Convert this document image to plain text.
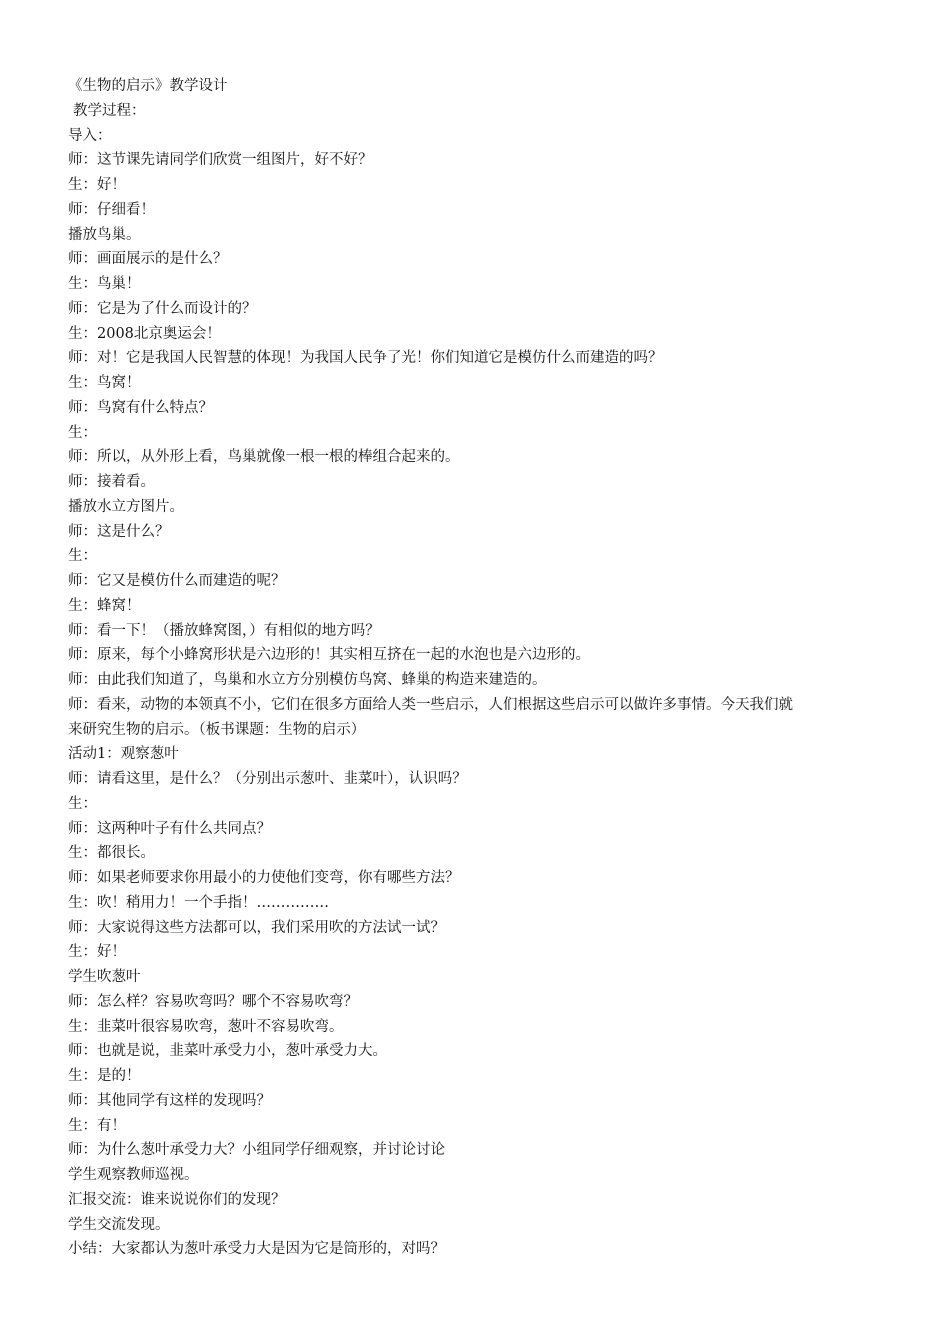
《生物的启示》教学设计
教学过程：
导入：
师：这节课先请同学们欣赏一组图片，好不好？
生：好！
师：仔细看！
播放鸟巢。
师：画面展示的是什么？
生：鸟巢！
师：它是为了什么而设计的？
生：2008北京奥运会！
师：对！它是我国人民智慧的体现！为我国人民争了光！你们知道它是模仿什么而建造的吗？
生：鸟窝！
师：鸟窝有什么特点？
生：
师：所以，从外形上看，鸟巢就像一根一根的棒组合起来的。
师：接着看。
播放水立方图片。
师：这是什么？
生：
师：它又是模仿什么而建造的呢？
生：蜂窝！
师：看一下！（播放蜂窝图，）有相似的地方吗？
师：原来，每个小蜂窝形状是六边形的！其实相互挤在一起的水泡也是六边形的。
师：由此我们知道了，鸟巢和水立方分别模仿鸟窝、蜂巢的构造来建造的。
师：看来，动物的本领真不小，它们在很多方面给人类一些启示，人们根据这些启示可以做许多事情。今天我们就
来研究生物的启示。（板书课题：生物的启示）
活动1：观察葱叶
师：请看这里，是什么？（分别出示葱叶、韭菜叶），认识吗？
生：
师：这两种叶子有什么共同点？
生：都很长。
师：如果老师要求你用最小的力使他们变弯，你有哪些方法？
生：吹！稍用力！一个手指！……………
师：大家说得这些方法都可以，我们采用吹的方法试一试？
生：好！
学生吹葱叶
师：怎么样？容易吹弯吗？哪个不容易吹弯？
生：韭菜叶很容易吹弯，葱叶不容易吹弯。
师：也就是说，韭菜叶承受力小，葱叶承受力大。
生：是的！
师：其他同学有这样的发现吗？
生：有！
师：为什么葱叶承受力大？小组同学仔细观察，并讨论讨论
学生观察教师巡视。
汇报交流：谁来说说你们的发现？
学生交流发现。
小结：大家都认为葱叶承受力大是因为它是筒形的，对吗？
